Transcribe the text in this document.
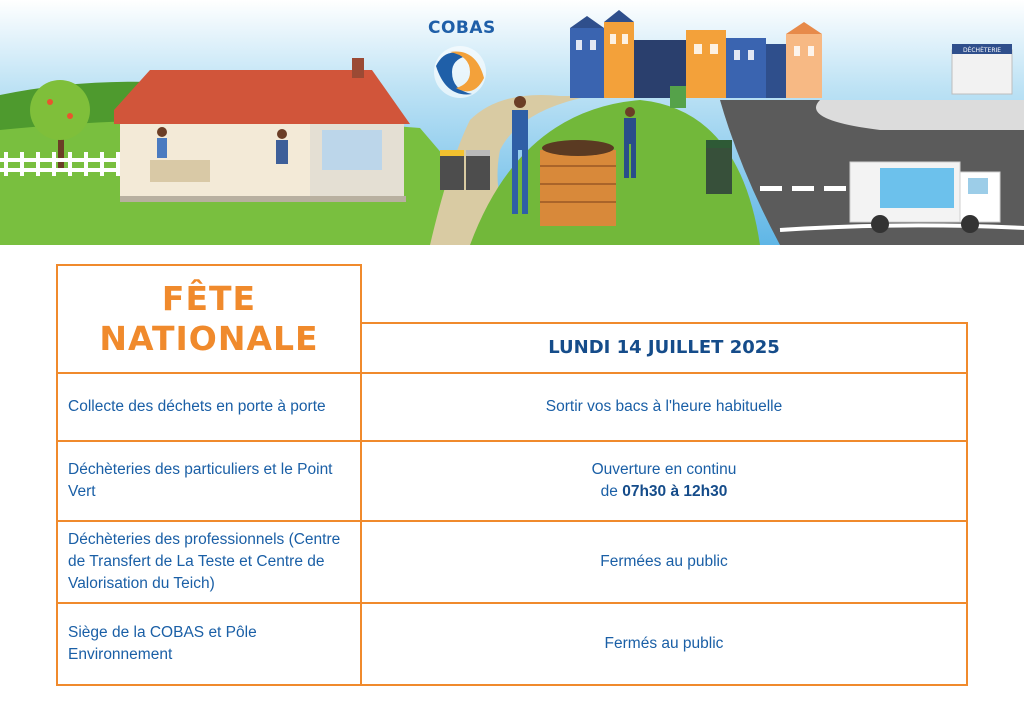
DÉCHÈTERIE
COBAS
FÊTE
NATIONALE	LUNDI 14 JUILLET 2025
Collecte des déchets en porte à porte	Sortir vos bacs à l'heure habituelle
Déchèteries des particuliers et le Point Vert
Ouverture en continu
de 07h30 à 12h30
Déchèteries des professionnels (Centre de Transfert de La Teste et Centre de Valorisation du Teich)
Fermées au public
Siège de la COBAS et Pôle Environnement
Fermés au public
